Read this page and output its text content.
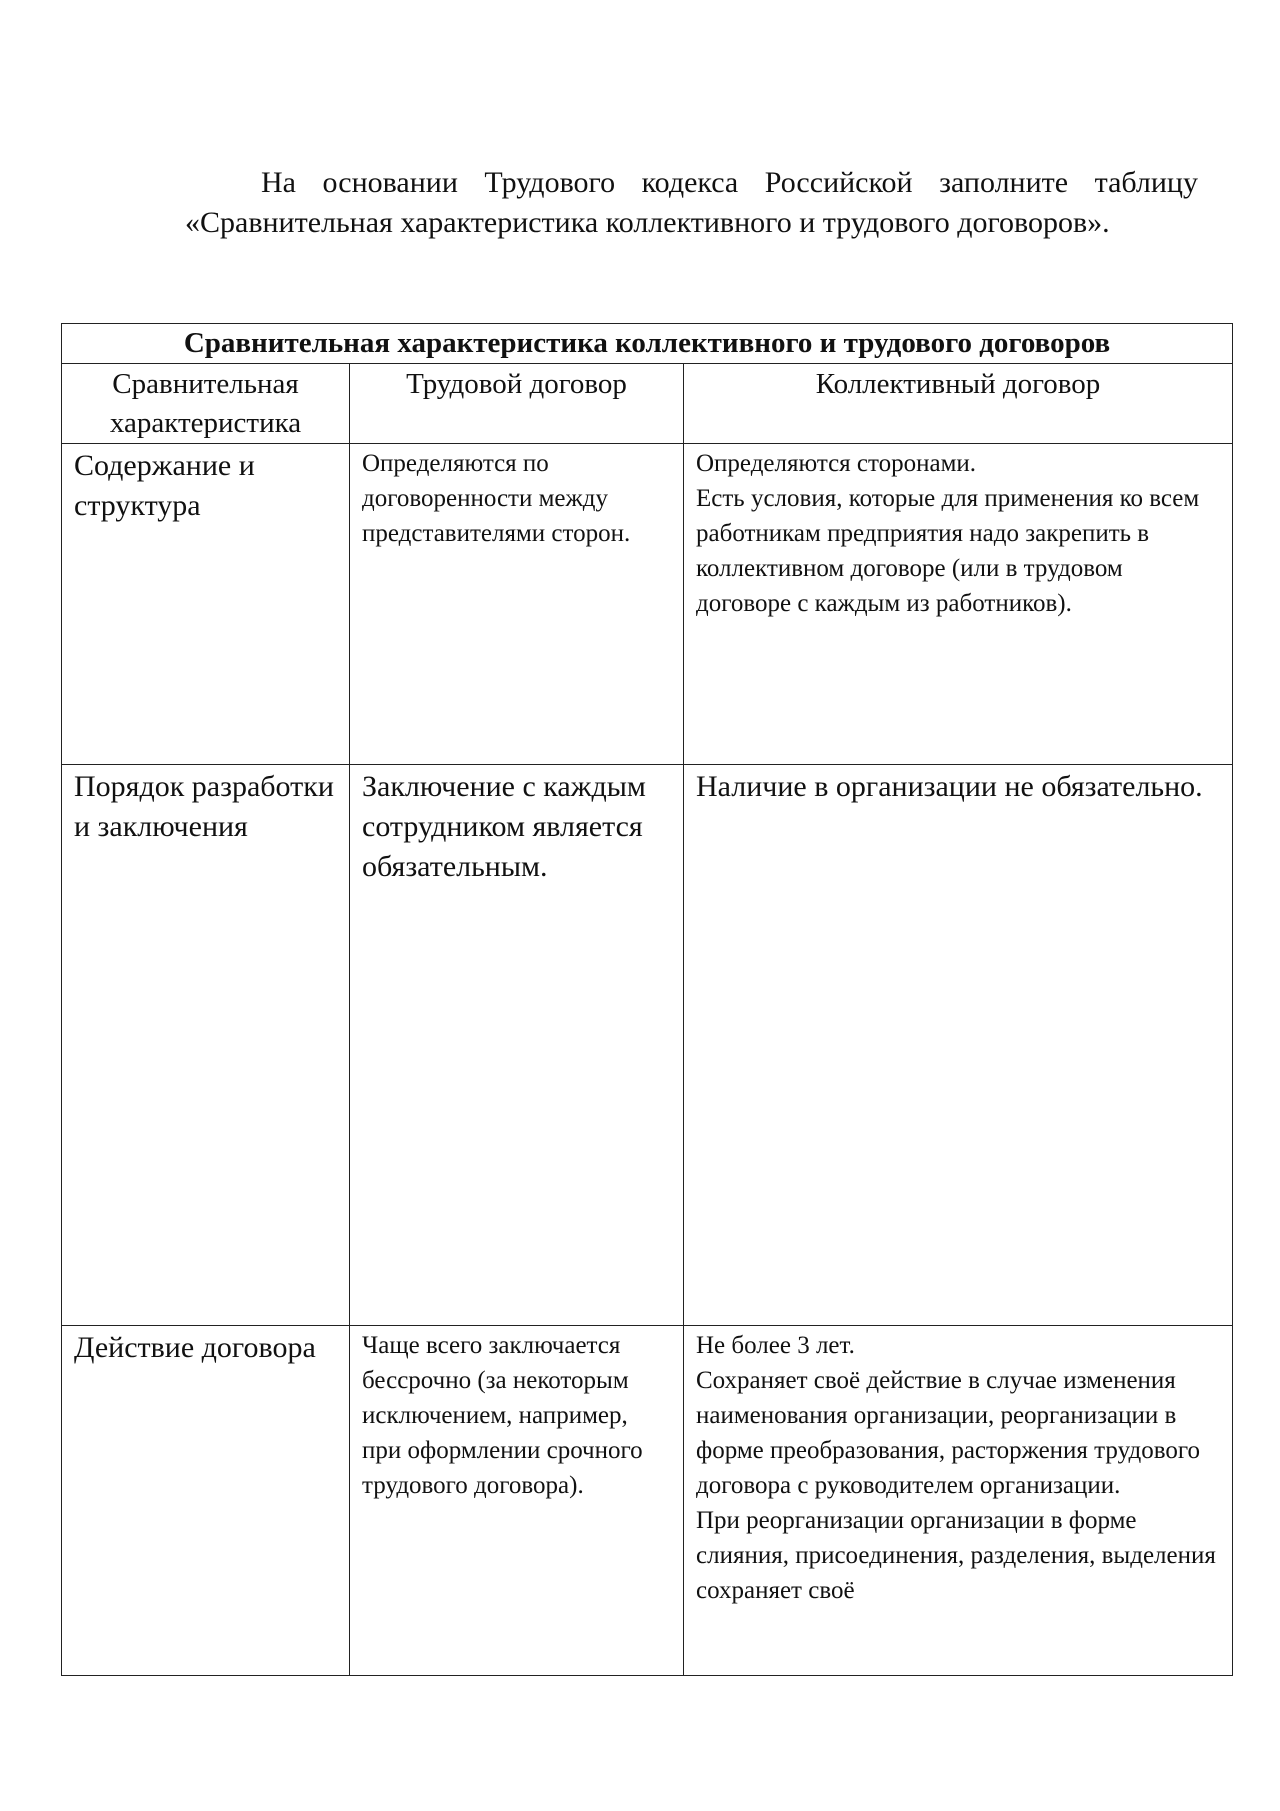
На основании Трудового кодекса Российской заполните таблицу «Сравнительная характеристика коллективного и трудового договоров».

Сравнительная характеристика коллективного и трудового договоров		

Сравнительная характеристика	Трудовой договор	Коллективный договор

Содержание и структура	Определяются по договоренности между представителями сторон.	Определяются сторонами.
Есть условия, которые для применения ко всем работникам предприятия надо закрепить в коллективном договоре (или в трудовом договоре с каждым из работников).

Порядок разработки и заключения	Заключение с каждым сотрудником является обязательным.	Наличие в организации не обязательно.

Действие договора	Чаще всего заключается бессрочно (за некоторым исключением, например, при оформлении срочного трудового договора).	Не более 3 лет.
Сохраняет своё действие в случае изменения наименования организации, реорганизации в форме преобразования, расторжения трудового договора с руководителем организации.
При реорганизации организации в форме слияния, присоединения, разделения, выделения сохраняет своё
